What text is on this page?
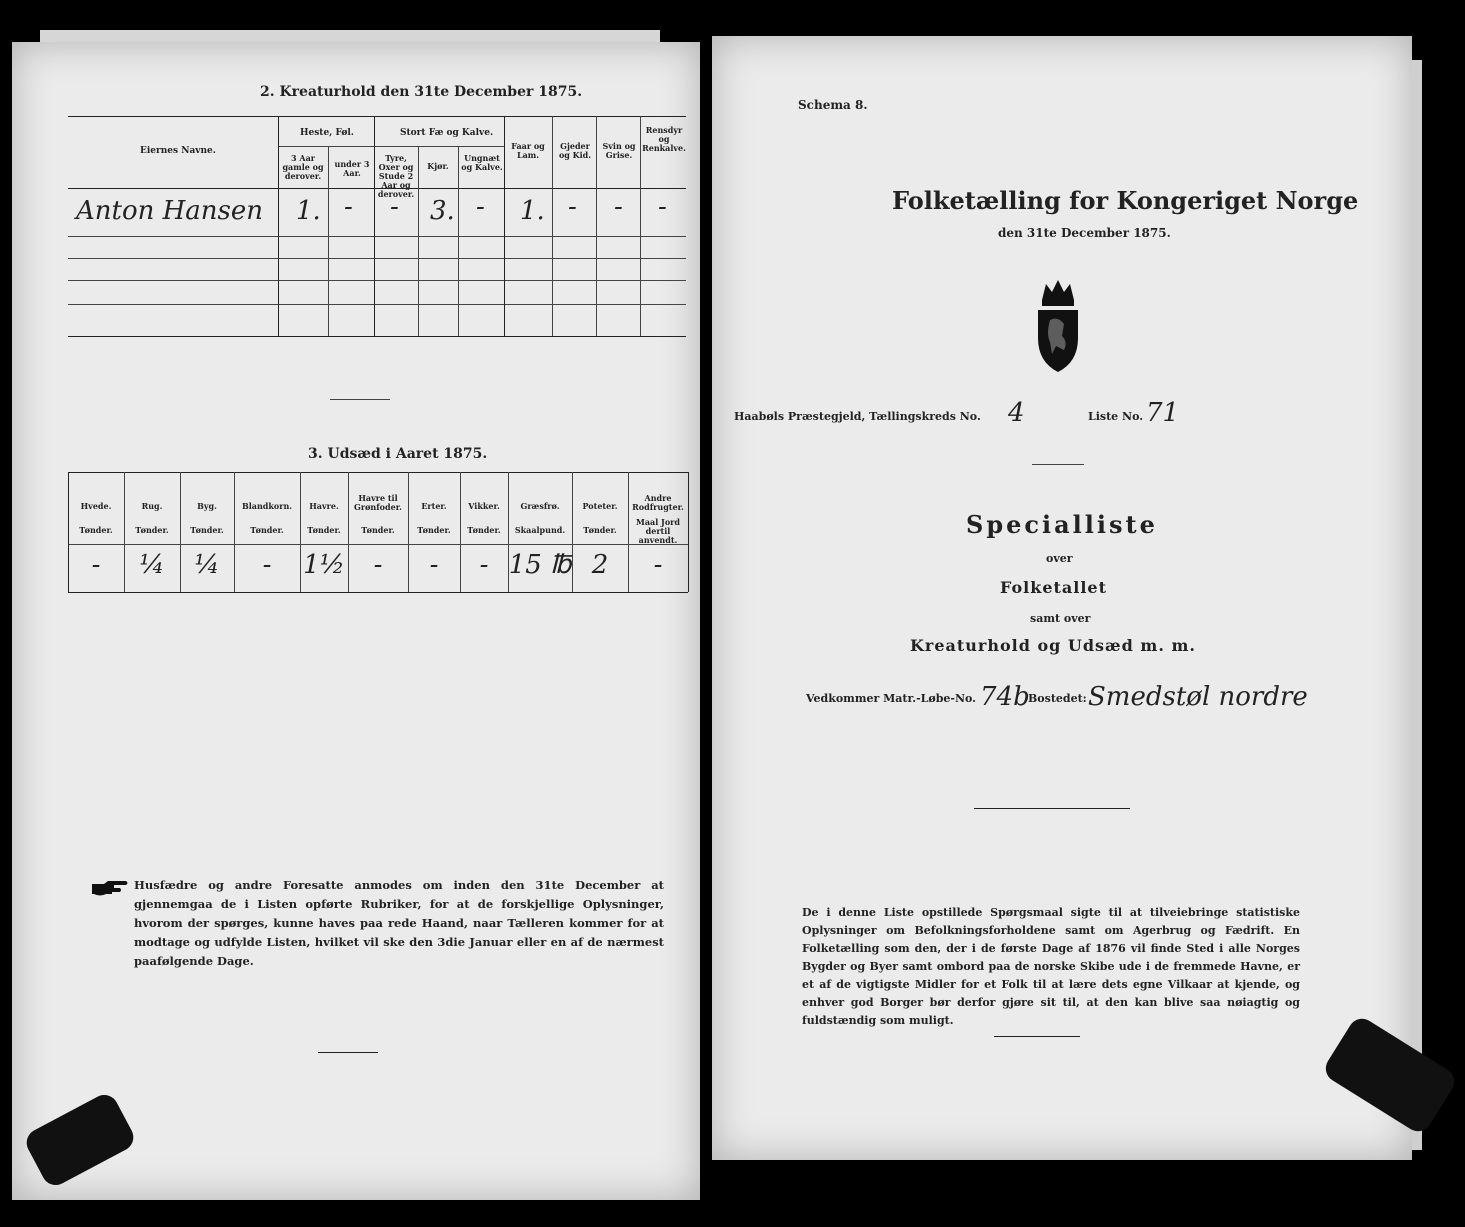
2. Kreaturhold den 31te December 1875.
Eiernes Navne.
Heste, Føl.	Stort Fæ og Kalve.
3 Aar gamle og derover.
under 3 Aar.
Tyre, Oxer og Stude 2 Aar og derover.
Kjør.
Ungnæt og Kalve.
Faar og Lam.
Gjeder og Kid.
Svin og Grise.
Rensdyr og Renkalve.
Anton Hansen 1. - - 3. - 1. - - -
3. Udsæd i Aaret 1875.
Hvede.
Tønder.
-
Rug.
Tønder.
¼
Byg.
Tønder.
¼
Blandkorn.
Tønder.
-
Havre.
Tønder.
1½
Havre til Grønfoder.
Tønder.
-
Erter.
Tønder.
-
Vikker.
Tønder.
-
Græsfrø.
Skaalpund.
15 ℔
Poteter.
Tønder.
2
Andre Rodfrugter.
Maal Jord dertil anvendt.
-
Husfædre og andre Foresatte anmodes om inden den 31te December at gjennemgaa de i Listen opførte Rubriker, for at de forskjellige Oplysninger, hvorom der spørges, kunne haves paa rede Haand, naar Tælleren kommer for at modtage og udfylde Listen, hvilket vil ske den 3die Januar eller en af de nærmest paafølgende Dage.
Schema 8.
Folketælling for Kongeriget Norge
den 31te December 1875.
Haabøls Præstegjeld, Tællingskreds No. 4	Liste No. 71
Specialliste
over
Folketallet
samt over
Kreaturhold og Udsæd m. m.
Vedkommer Matr.-Løbe-No. 74b
Bostedet: Smedstøl nordre
De i denne Liste opstillede Spørgsmaal sigte til at tilveiebringe statistiske Oplysninger om Befolkningsforholdene samt om Agerbrug og Fædrift. En Folketælling som den, der i de første Dage af 1876 vil finde Sted i alle Norges Bygder og Byer samt ombord paa de norske Skibe ude i de fremmede Havne, er et af de vigtigste Midler for et Folk til at lære dets egne Vilkaar at kjende, og enhver god Borger bør derfor gjøre sit til, at den kan blive saa nøiagtig og fuldstændig som muligt.
